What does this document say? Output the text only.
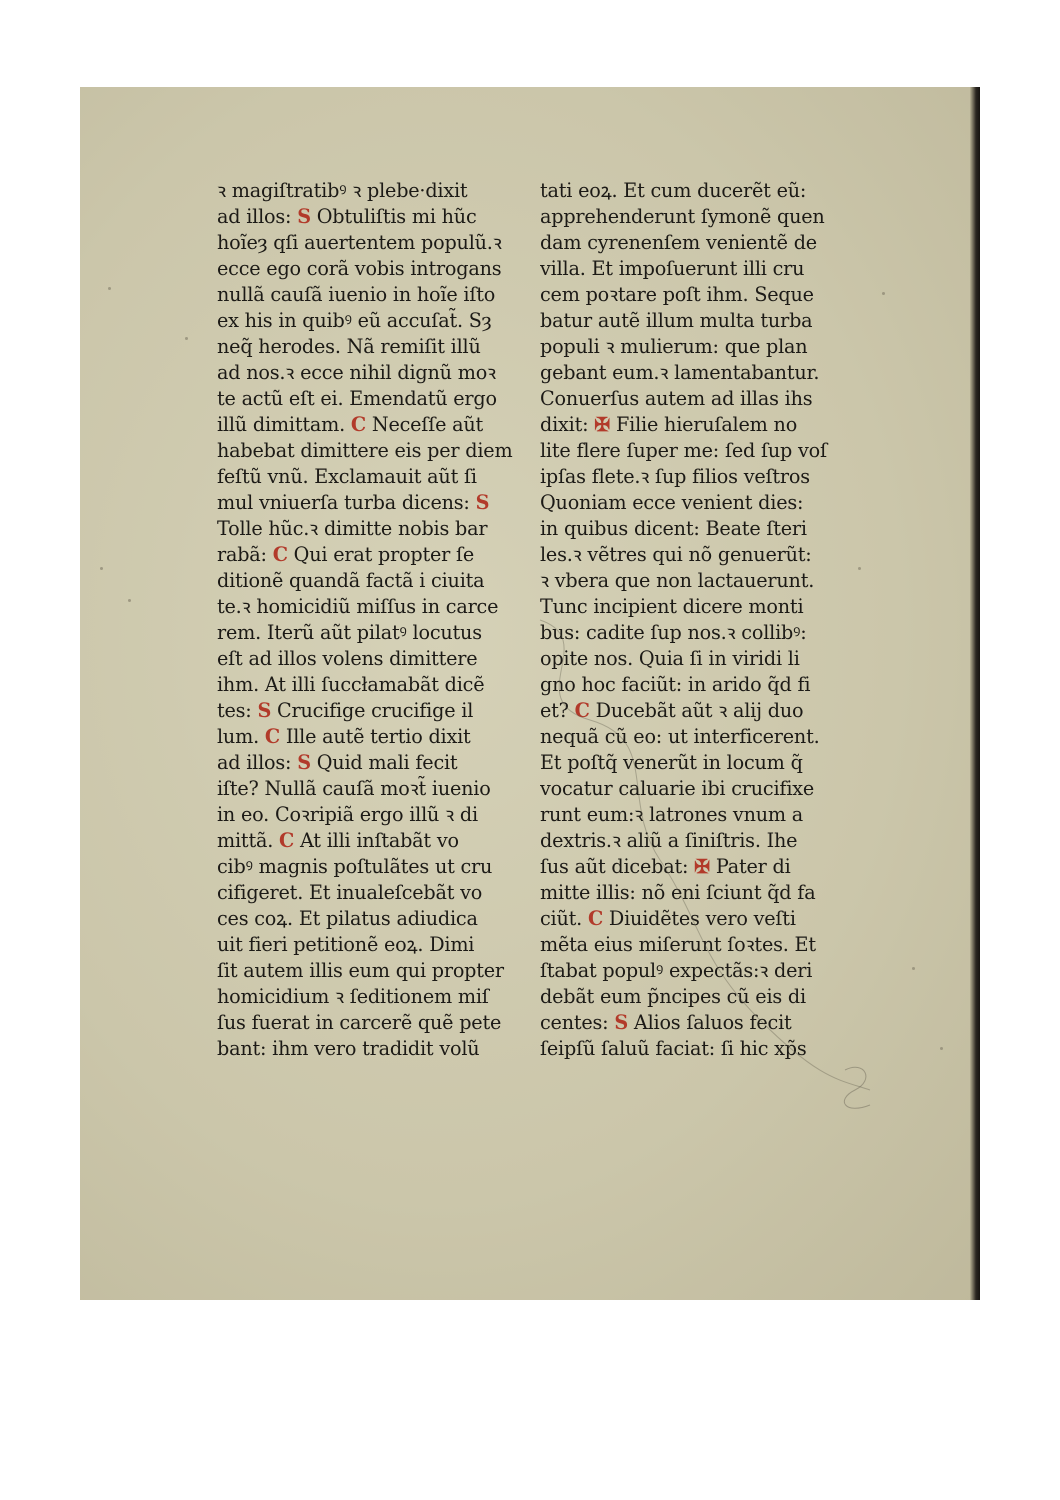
ꝛ magiſtratibꝰ ꝛ plebe·dixit
ad illos: S Obtuliſtis mi hũc
hoĩeȝ qſi auertentem populũ.ꝛ
ecce ego corã vobis introgans
nullã cauſã iuenio in hoĩe iſto
ex his in quibꝰ eũ accuſat̃. Sȝ
neq̃ herodes. Nã remiſit illũ
ad nos.ꝛ ecce nihil dignũ moꝛ
te actũ eſt ei. Emendatũ ergo
illũ dimittam. C Neceſſe aũt
habebat dimittere eis per diem
feſtũ vnũ. Exclamauit aũt ſi
mul vniuerſa turba dicens: S
Tolle hũc.ꝛ dimitte nobis bar
rabã: C Qui erat propter ſe
ditionẽ quandã factã i ciuita
te.ꝛ homicidiũ miſſus in carce
rem. Iterũ aũt pilatꝰ locutus
eſt ad illos volens dimittere
ihm. At illi ſuccłamabãt dicẽ
tes: S Crucifige crucifige il
lum. C Ille autẽ tertio dixit
ad illos: S Quid mali fecit
iſte? Nullã cauſã moꝛt̃ iuenio
in eo. Coꝛripiã ergo illũ ꝛ di
mittã. C At illi inſtabãt vo
cibꝰ magnis poſtulãtes ut cru
cifigeret. Et inualeſcebãt vo
ces coꝝ. Et pilatus adiudica
uit fieri petitionẽ eoꝝ. Dimi
ſit autem illis eum qui propter
homicidium ꝛ ſeditionem miſ
ſus fuerat in carcerẽ quẽ pete
bant: ihm vero tradidit volũ
tati eoꝝ. Et cum ducerẽt eũ:
apprehenderunt ſymonẽ quen
dam cyrenenſem venientẽ de
villa. Et impoſuerunt illi cru
cem poꝛtare poſt ihm. Seque
batur autẽ illum multa turba
populi ꝛ mulierum: que plan
gebant eum.ꝛ lamentabantur.
Conuerſus autem ad illas ihs
dixit: ✠ Filie hieruſalem no
lite flere ſuper me: ſed ſup voſ
ipſas flete.ꝛ ſup filios veſtros
Quoniam ecce venient dies:
in quibus dicent: Beate ſteri
les.ꝛ vẽtres qui nõ genuerũt:
ꝛ vbera que non lactauerunt.
Tunc incipient dicere monti
bus: cadite ſup nos.ꝛ collibꝰ:
opite nos. Quia ſi in viridi li
gno hoc faciũt: in arido q̃d fi
et? C Ducebãt aũt ꝛ alij duo
nequã cũ eo: ut interficerent.
Et poſtq̃ venerũt in locum q̃
vocatur caluarie ibi crucifixe
runt eum:ꝛ latrones vnum a
dextris.ꝛ aliũ a ſiniſtris. Ihe
ſus aũt dicebat: ✠ Pater di
mitte illis: nõ eni ſciunt q̃d fa
ciũt. C Diuidẽtes vero veſti
mẽta eius miſerunt ſoꝛtes. Et
ſtabat populꝰ expectãs:ꝛ deri
debãt eum p̃ncipes cũ eis di
centes: S Alios ſaluos fecit
ſeipſũ ſaluũ faciat: ſi hic xp̃s
